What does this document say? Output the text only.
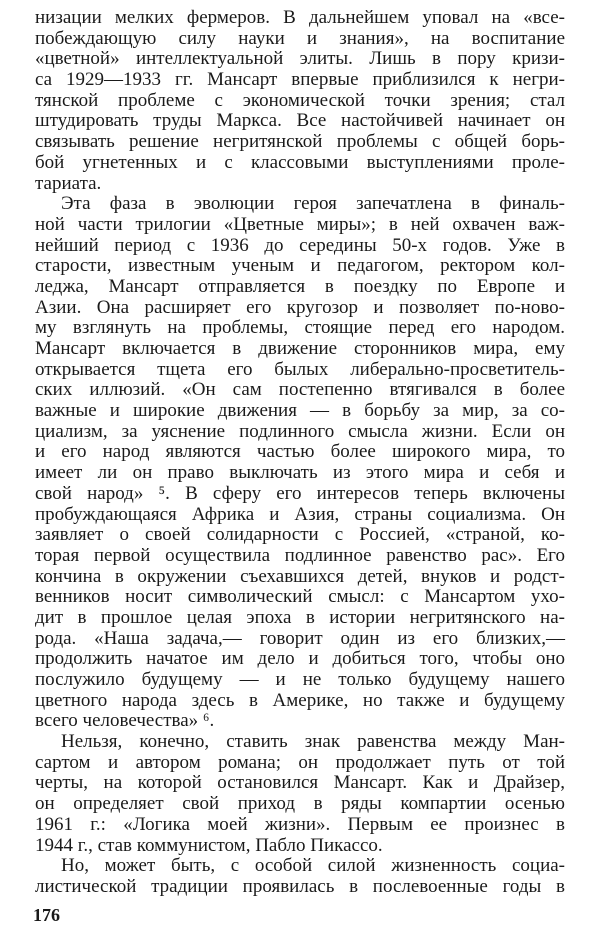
низации мелких фермеров. В дальнейшем уповал на «все-
побеждающую силу науки и знания», на воспитание
«цветной» интеллектуальной элиты. Лишь в пору кризи-
са 1929—1933 гг. Мансарт впервые приблизился к негри-
тянской проблеме с экономической точки зрения; стал
штудировать труды Маркса. Все настойчивей начинает он
связывать решение негритянской проблемы с общей борь-
бой угнетенных и с классовыми выступлениями проле-
тариата.
Эта фаза в эволюции героя запечатлена в финаль-
ной части трилогии «Цветные миры»; в ней охвачен важ-
нейший период с 1936 до середины 50-х годов. Уже в
старости, известным ученым и педагогом, ректором кол-
леджа, Мансарт отправляется в поездку по Европе и
Азии. Она расширяет его кругозор и позволяет по-ново-
му взглянуть на проблемы, стоящие перед его народом.
Мансарт включается в движение сторонников мира, ему
открывается тщета его былых либерально-просветитель-
ских иллюзий. «Он сам постепенно втягивался в более
важные и широкие движения — в борьбу за мир, за со-
циализм, за уяснение подлинного смысла жизни. Если он
и его народ являются частью более широкого мира, то
имеет ли он право выключать из этого мира и себя и
свой народ» ⁵. В сферу его интересов теперь включены
пробуждающаяся Африка и Азия, страны социализма. Он
заявляет о своей солидарности с Россией, «страной, ко-
торая первой осуществила подлинное равенство рас». Его
кончина в окружении съехавшихся детей, внуков и родст-
венников носит символический смысл: с Мансартом ухо-
дит в прошлое целая эпоха в истории негритянского на-
рода. «Наша задача,— говорит один из его близких,—
продолжить начатое им дело и добиться того, чтобы оно
послужило будущему — и не только будущему нашего
цветного народа здесь в Америке, но также и будущему
всего человечества» ⁶.
Нельзя, конечно, ставить знак равенства между Ман-
сартом и автором романа; он продолжает путь от той
черты, на которой остановился Мансарт. Как и Драйзер,
он определяет свой приход в ряды компартии осенью
1961 г.: «Логика моей жизни». Первым ее произнес в
1944 г., став коммунистом, Пабло Пикассо.
Но, может быть, с особой силой жизненность социа-
листической традиции проявилась в послевоенные годы в
176
